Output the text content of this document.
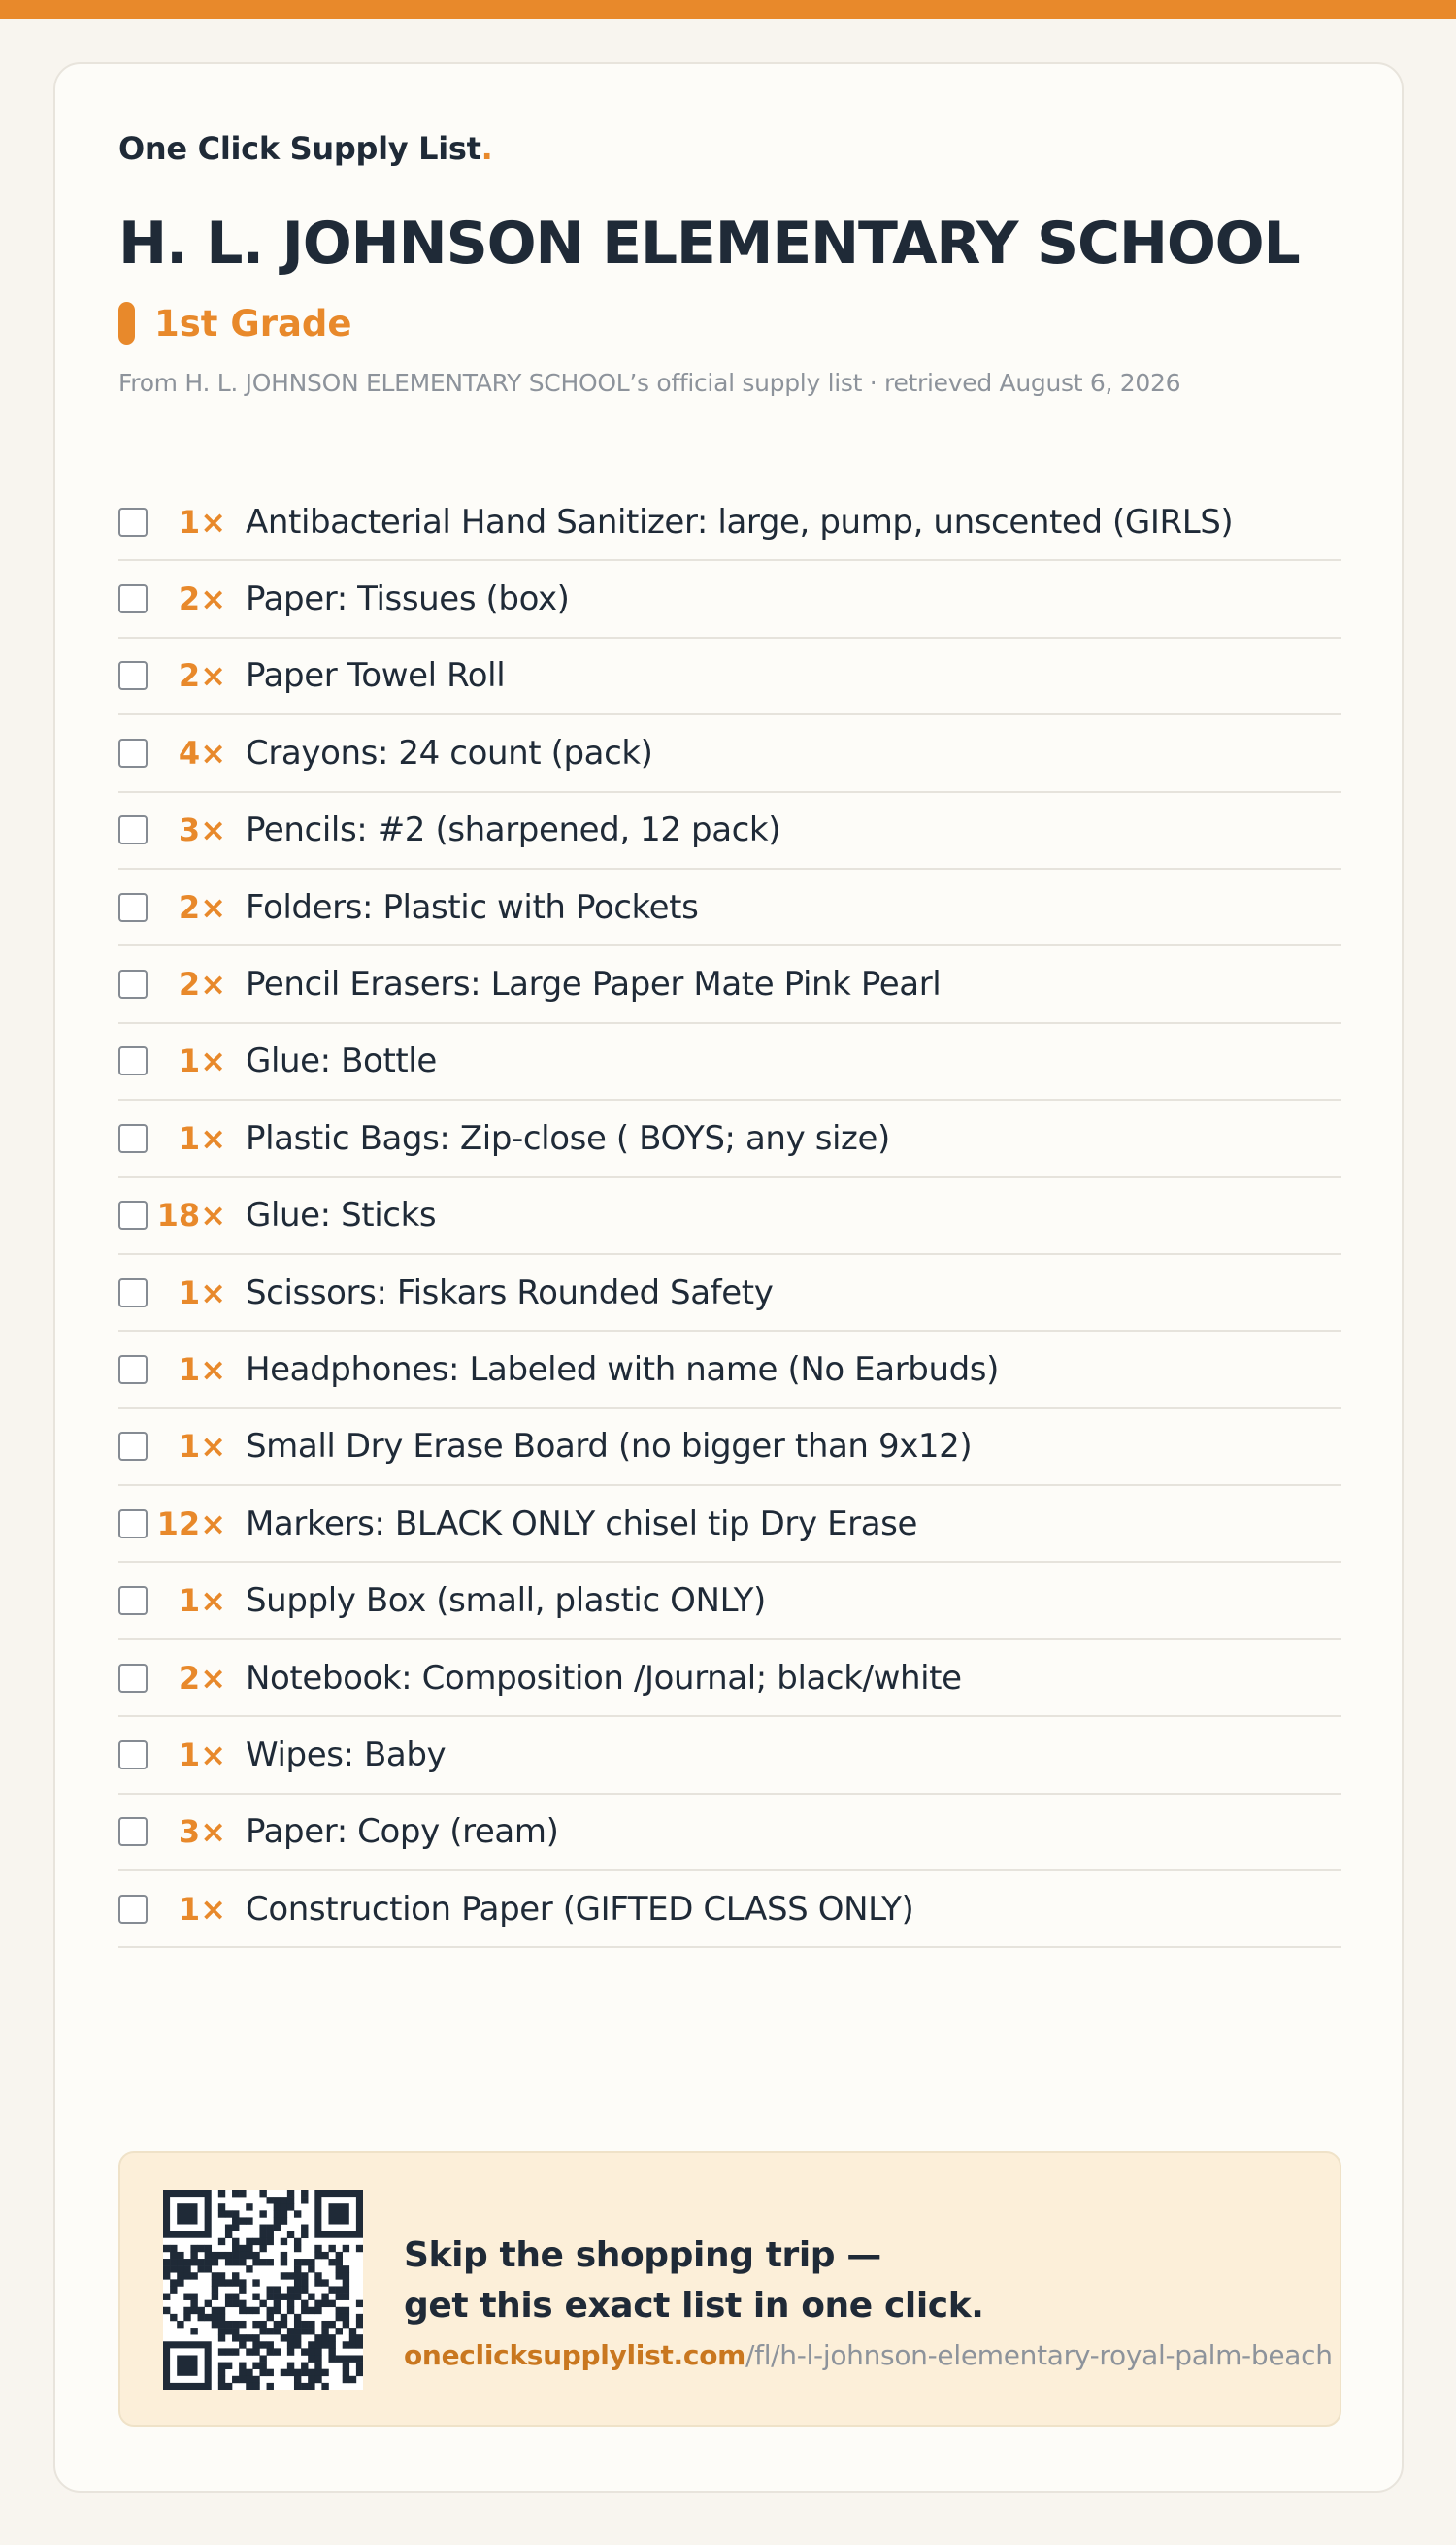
One Click Supply List.
H. L. JOHNSON ELEMENTARY SCHOOL
1st Grade
From H. L. JOHNSON ELEMENTARY SCHOOL’s official supply list · retrieved August 6, 2026
1× Antibacterial Hand Sanitizer: large, pump, unscented (GIRLS)
2× Paper: Tissues (box)
2× Paper Towel Roll
4× Crayons: 24 count (pack)
3× Pencils: #2 (sharpened, 12 pack)
2× Folders: Plastic with Pockets
2× Pencil Erasers: Large Paper Mate Pink Pearl
1× Glue: Bottle
1× Plastic Bags: Zip-close ( BOYS; any size)
18× Glue: Sticks
1× Scissors: Fiskars Rounded Safety
1× Headphones: Labeled with name (No Earbuds)
1× Small Dry Erase Board (no bigger than 9x12)
12× Markers: BLACK ONLY chisel tip Dry Erase
1× Supply Box (small, plastic ONLY)
2× Notebook: Composition /Journal; black/white
1× Wipes: Baby
3× Paper: Copy (ream)
1× Construction Paper (GIFTED CLASS ONLY)
Skip the shopping trip —
get this exact list in one click.
oneclicksupplylist.com/fl/h-l-johnson-elementary-royal-palm-beach
